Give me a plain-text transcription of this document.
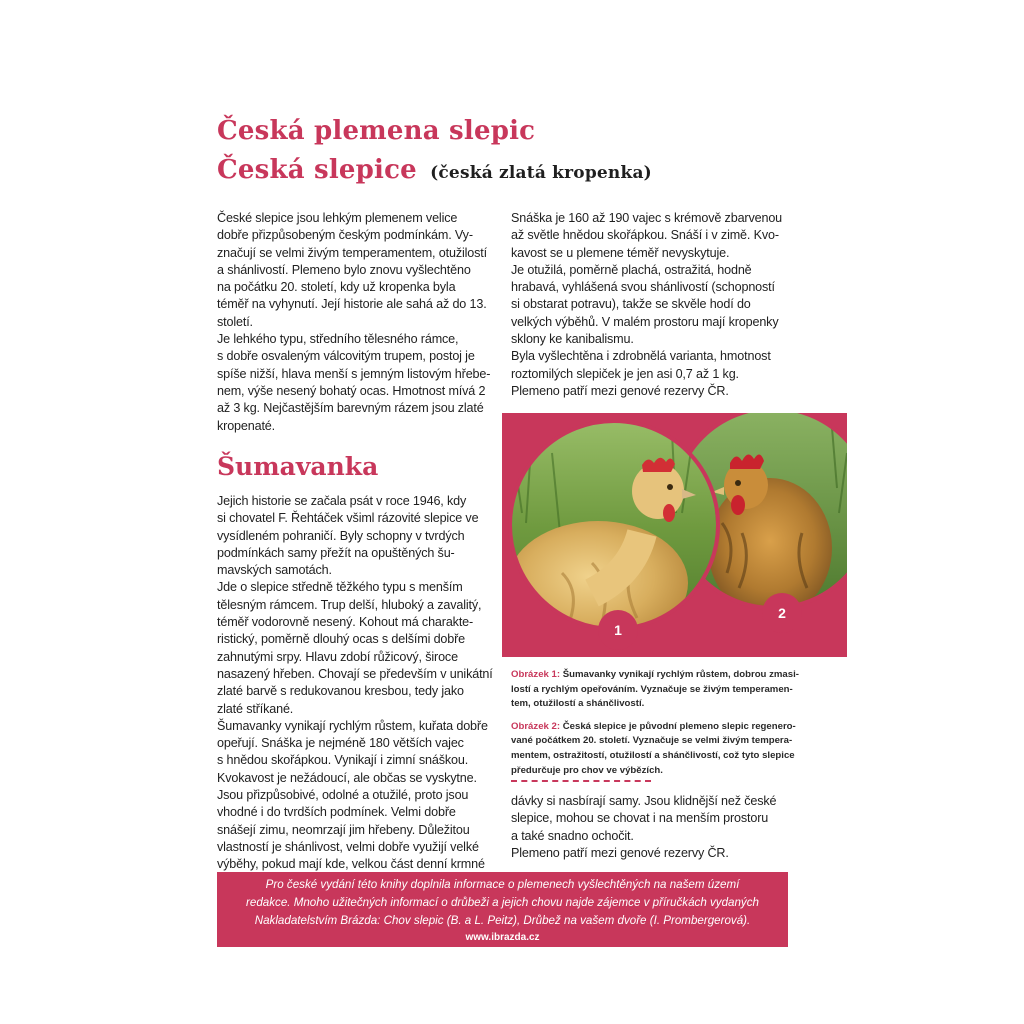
Česká plemena slepic
Česká slepice (česká zlatá kropenka)
České slepice jsou lehkým plemenem velice
dobře přizpůsobeným českým podmínkám. Vy-
značují se velmi živým temperamentem, otužilostí
a shánlivostí. Plemeno bylo znovu vyšlechtěno
na počátku 20. století, kdy už kropenka byla
téměř na vyhynutí. Její historie ale sahá až do 13.
století.
Je lehkého typu, středního tělesného rámce,
s dobře osvaleným válcovitým trupem, postoj je
spíše nižší, hlava menší s jemným listovým hřebe-
nem, výše nesený bohatý ocas. Hmotnost mívá 2
až 3 kg. Nejčastějším barevným rázem jsou zlaté
kropenaté.
Snáška je 160 až 190 vajec s krémově zbarvenou
až světle hnědou skořápkou. Snáší i v zimě. Kvo-
kavost se u plemene téměř nevyskytuje.
Je otužilá, poměrně plachá, ostražitá, hodně
hrabavá, vyhlášená svou shánlivostí (schopností
si obstarat potravu), takže se skvěle hodí do
velkých výběhů. V malém prostoru mají kropenky
sklony ke kanibalismu.
Byla vyšlechtěna i zdrobnělá varianta, hmotnost
roztomilých slepiček je jen asi 0,7 až 1 kg.
Plemeno patří mezi genové rezervy ČR.
Šumavanka
Jejich historie se začala psát v roce 1946, kdy
si chovatel F. Řehtáček všiml rázovité slepice ve
vysídleném pohraničí. Byly schopny v tvrdých
podmínkách samy přežít na opuštěných šu-
mavských samotách.
Jde o slepice středně těžkého typu s menším
tělesným rámcem. Trup delší, hluboký a zavalitý,
téměř vodorovně nesený. Kohout má charakte-
ristický, poměrně dlouhý ocas s delšími dobře
zahnutými srpy. Hlavu zdobí růžicový, široce
nasazený hřeben. Chovají se především v unikátní
zlaté barvě s redukovanou kresbou, tedy jako
zlaté stříkané.
Šumavanky vynikají rychlým růstem, kuřata dobře
opeřují. Snáška je nejméně 180 větších vajec
s hnědou skořápkou. Vynikají i zimní snáškou.
Kvokavost je nežádoucí, ale občas se vyskytne.
Jsou přizpůsobivé, odolné a otužilé, proto jsou
vhodné i do tvrdších podmínek. Velmi dobře
snášejí zimu, neomrzají jim hřebeny. Důležitou
vlastností je shánlivost, velmi dobře využijí velké
výběhy, pokud mají kde, velkou část denní krmné
1
2
Obrázek 1: Šumavanky vynikají rychlým růstem, dobrou zmasi-
lostí a rychlým opeřováním. Vyznačuje se živým temperamen-
tem, otužilostí a shánčlivostí.
Obrázek 2: Česká slepice je původní plemeno slepic regenero-
vané počátkem 20. století. Vyznačuje se velmi živým tempera-
mentem, ostražitostí, otužilostí a shánčlivostí, což tyto slepice
předurčuje pro chov ve výbězích.
dávky si nasbírají samy. Jsou klidnější než české
slepice, mohou se chovat i na menším prostoru
a také snadno ochočit.
Plemeno patří mezi genové rezervy ČR.
Pro české vydání této knihy doplnila informace o plemenech vyšlechtěných na našem území
redakce. Mnoho užitečných informací o drůbeži a jejich chovu najde zájemce v příručkách vydaných
Nakladatelstvím Brázda: Chov slepic (B. a L. Peitz), Drůbež na vašem dvoře (I. Prombergerová).
www.ibrazda.cz
